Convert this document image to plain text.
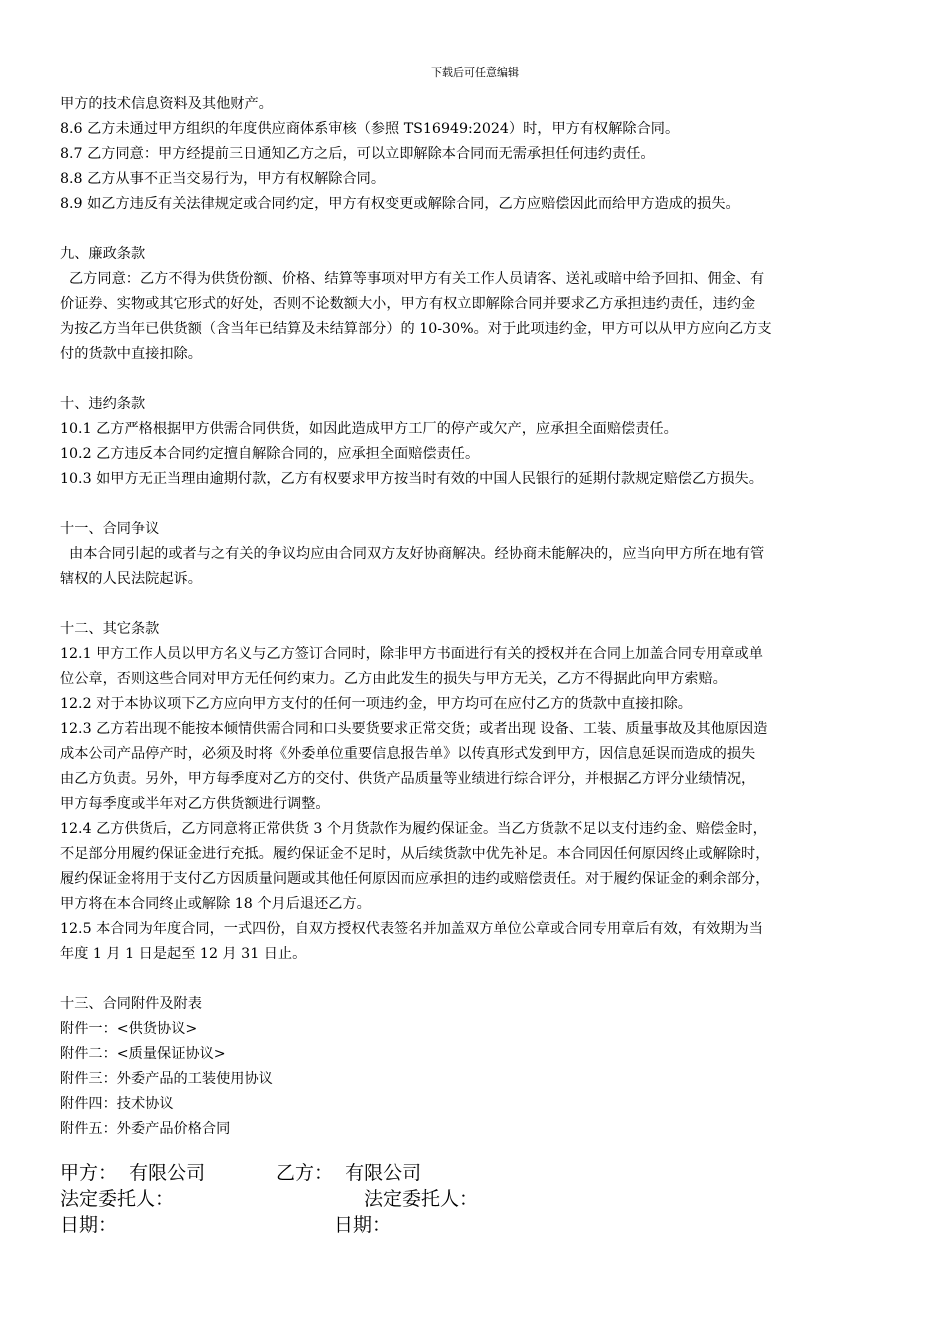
下载后可任意编辑
甲方的技术信息资料及其他财产。
8.6 乙方未通过甲方组织的年度供应商体系审核（参照 TS16949:2024）时，甲方有权解除合同。
8.7 乙方同意：甲方经提前三日通知乙方之后，可以立即解除本合同而无需承担任何违约责任。
8.8 乙方从事不正当交易行为，甲方有权解除合同。
8.9 如乙方违反有关法律规定或合同约定，甲方有权变更或解除合同，乙方应赔偿因此而给甲方造成的损失。
九、廉政条款
乙方同意：乙方不得为供货份额、价格、结算等事项对甲方有关工作人员请客、送礼或暗中给予回扣、佣金、有
价证券、实物或其它形式的好处，否则不论数额大小，甲方有权立即解除合同并要求乙方承担违约责任，违约金
为按乙方当年已供货额（含当年已结算及未结算部分）的 10-30%。对于此项违约金，甲方可以从甲方应向乙方支
付的货款中直接扣除。
十、违约条款
10.1 乙方严格根据甲方供需合同供货，如因此造成甲方工厂的停产或欠产，应承担全面赔偿责任。
10.2 乙方违反本合同约定擅自解除合同的，应承担全面赔偿责任。
10.3 如甲方无正当理由逾期付款，乙方有权要求甲方按当时有效的中国人民银行的延期付款规定赔偿乙方损失。
十一、合同争议
由本合同引起的或者与之有关的争议均应由合同双方友好协商解决。经协商未能解决的，应当向甲方所在地有管
辖权的人民法院起诉。
十二、其它条款
12.1 甲方工作人员以甲方名义与乙方签订合同时，除非甲方书面进行有关的授权并在合同上加盖合同专用章或单
位公章，否则这些合同对甲方无任何约束力。乙方由此发生的损失与甲方无关，乙方不得据此向甲方索赔。
12.2 对于本协议项下乙方应向甲方支付的任何一项违约金，甲方均可在应付乙方的货款中直接扣除。
12.3 乙方若出现不能按本倾情供需合同和口头要货要求正常交货；或者出现 设备、工装、质量事故及其他原因造
成本公司产品停产时，必须及时将《外委单位重要信息报告单》以传真形式发到甲方，因信息延误而造成的损失
由乙方负责。另外，甲方每季度对乙方的交付、供货产品质量等业绩进行综合评分，并根据乙方评分业绩情况，
甲方每季度或半年对乙方供货额进行调整。
12.4 乙方供货后，乙方同意将正常供货 3 个月货款作为履约保证金。当乙方货款不足以支付违约金、赔偿金时，
不足部分用履约保证金进行充抵。履约保证金不足时，从后续货款中优先补足。本合同因任何原因终止或解除时，
履约保证金将用于支付乙方因质量问题或其他任何原因而应承担的违约或赔偿责任。对于履约保证金的剩余部分，
甲方将在本合同终止或解除 18 个月后退还乙方。
12.5 本合同为年度合同，一式四份，自双方授权代表签名并加盖双方单位公章或合同专用章后有效，有效期为当
年度 1 月 1 日是起至 12 月 31 日止。
十三、合同附件及附表
附件一：<供货协议>
附件二：<质量保证协议>
附件三：外委产品的工装使用协议
附件四：技术协议
附件五：外委产品价格合同
甲方：  有限公司	乙方：  有限公司
法定委托人：	法定委托人：
日期：	日期：
